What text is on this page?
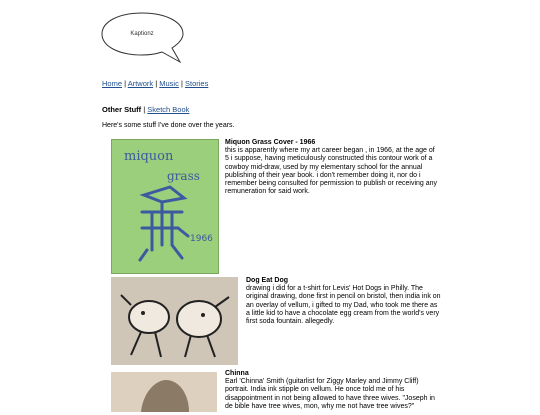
Kaptionz
Home | Artwork | Music | Stories
Other Stuff | Sketch Book
Here's some stuff I've done over the years.
miquon
grass
1966
Miquon Grass Cover - 1966
this is apparently where my art career began , in 1966, at the age of 5 i suppose, having meticulously constructed this contour work of a cowboy mid-draw, used by my elementary school for the annual publishing of their year book. i don't remember doing it, nor do i remember being consulted for permission to publish or receiving any remuneration for said work.
Dog Eat Dog
drawing i did for a t-shirt for Levis' Hot Dogs in Philly. The original drawing, done first in pencil on bristol, then india ink on an overlay of vellum, i gifted to my Dad, who took me there as a little kid to have a chocolate egg cream from the world's very first soda fountain. allegedly.
Chinna
Earl 'Chinna' Smith (guitarlist for Ziggy Marley and Jimmy Cliff) portrait. India ink stipple on vellum. He once told me of his disappointment in not being allowed to have three wives. "Joseph in de bible have tree wives, mon, why me not have tree wives?"
